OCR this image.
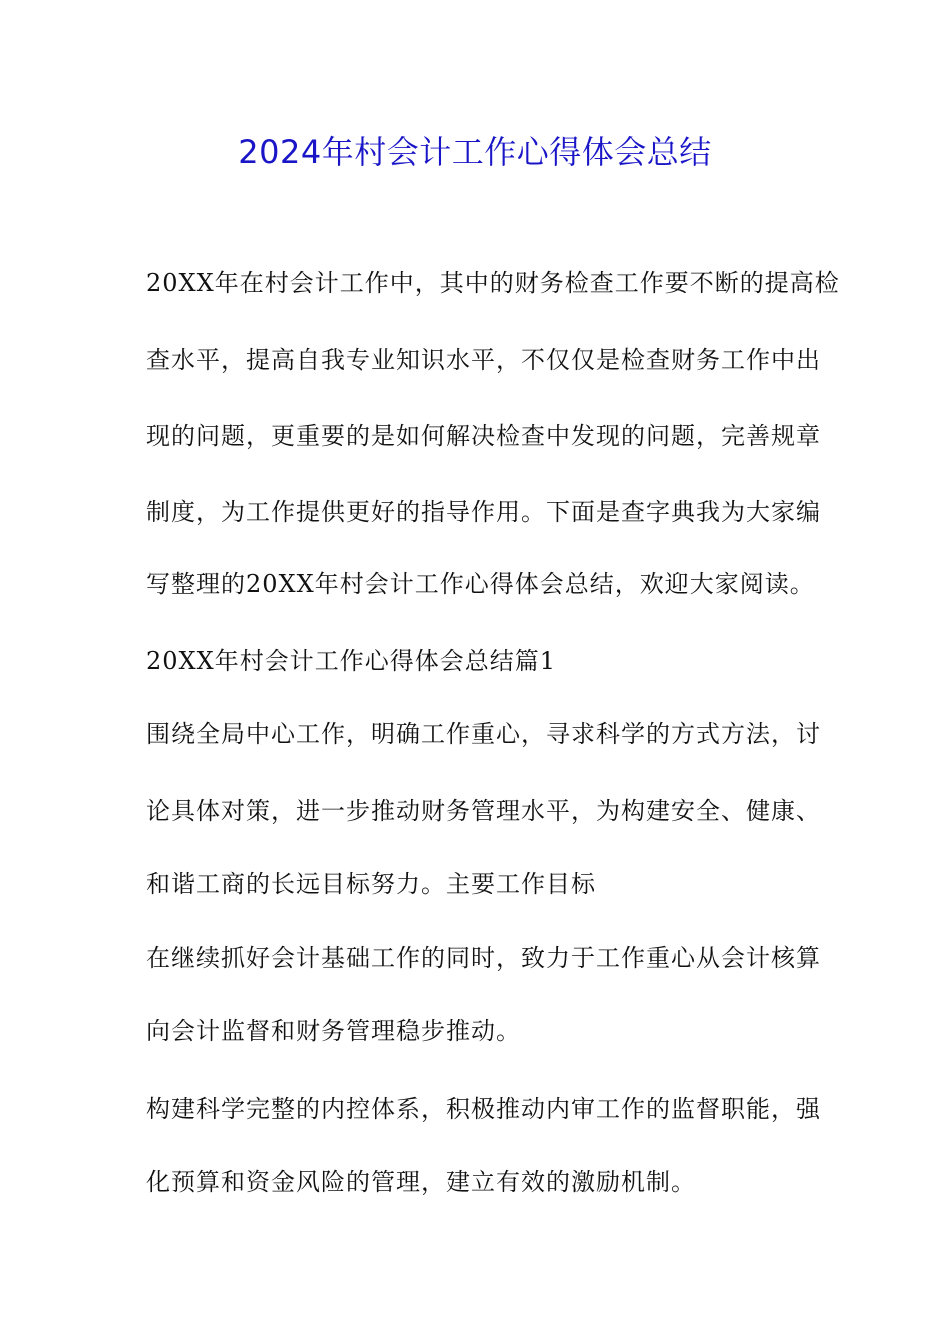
2024年村会计工作心得体会总结
20XX年在村会计工作中，其中的财务检查工作要不断的提高检
查水平，提高自我专业知识水平，不仅仅是检查财务工作中出
现的问题，更重要的是如何解决检查中发现的问题，完善规章
制度，为工作提供更好的指导作用。下面是查字典我为大家编
写整理的20XX年村会计工作心得体会总结，欢迎大家阅读。
20XX年村会计工作心得体会总结篇1
围绕全局中心工作，明确工作重心，寻求科学的方式方法，讨
论具体对策，进一步推动财务管理水平，为构建安全、健康、
和谐工商的长远目标努力。主要工作目标
在继续抓好会计基础工作的同时，致力于工作重心从会计核算
向会计监督和财务管理稳步推动。
构建科学完整的内控体系，积极推动内审工作的监督职能，强
化预算和资金风险的管理，建立有效的激励机制。
